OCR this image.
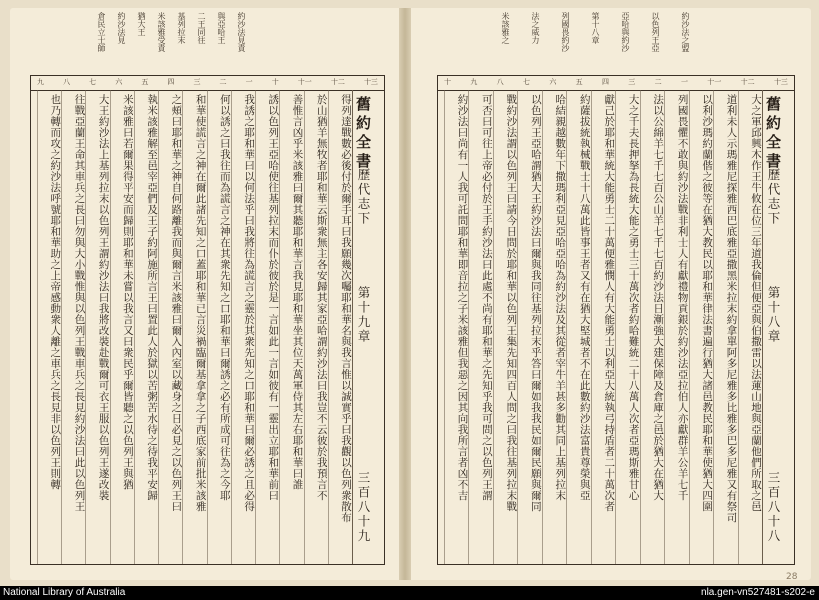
約沙法見責
與亞哈王
二王同往
基列拉末
米該雅受責
猶大王
約沙法見
倉民立士師
九	八	七	六	五	四	三	二	一	十	十一	十二	十三
舊約全書
歷代志下
第十九章
三百八十九
得列達戰數必後付於爾手耳曰我願幾次囑耶和華名與我言惟以誠實乎曰我觀以色列衆散布
於山猶羊無牧者耶和華云斯衆無主各安歸其家亞哈謂約沙法曰我豈不云彼於我預言不
善惟言凶乎米該雅曰爾其聽耶和華言我見耶和華坐其位天萬軍侍其左右耶和華曰誰
誘以色列王亞哈使往基列拉末而仆於彼於是一言如此一言如彼有一靈出立耶和華前曰
我誘之耶和華曰以何法乎曰我將往為謊言之靈於其衆先知之口耶和華曰爾必誘之且必得
何以誘之曰我往而為謊言之神在其衆先知之口耶和華曰爾誘之必有所成可往為之今耶
和華使謊言之神在爾此諸先知之口蓋耶和華已言災禍臨爾基拿拿之子西底家前批米該雅
之頰曰耶和華之神自何路離我而與爾言米該雅曰爾入內室以藏身之日必見之以色列王曰
執米該雅解至邑宰亞們及王子約阿施所言王曰置此人於獄以苦粥苦水待之待我平安歸
米該雅曰若爾果得平安而歸則耶和華未嘗以我言又曰衆民乎爾皆聽之以色列王與猶
大王約沙法上基列拉末以色列王謂約沙法曰我將改裝赴戰爾可衣王服以色列王遂改裝
往戰亞蘭王命其車兵之長曰勿與大小戰惟與以色列王戰車兵之長見約沙法曰此以色列王
也乃轉而攻之約沙法呼號耶和華助之上帝感動衆人離之車兵之長見非以色列王則轉
約沙法之盟
以色列王亞
亞哈與約沙
第十八章
列國畏約沙
法之威力
米該雅之
十	九	八	七	六	五	四	三	二	一	十一	十二	十三
舊約全書
歷代志下
第十八章
三百八十八
大之軍邱興木作王牛攸在位三年道我倫但便亞與伯撒雷以法蓮山地與亞蘭他們所取之邑
道利未人示瑪雅尼探雅西巴底雅亞撒黑米拉末約拿單阿多尼雅多比雅多巴多尼雅又有祭司
以利沙瑪約蘭偕之彼等在猶大教民以耶和華律法書遍行猶大諸邑教民耶和華使猶大四圍
列國畏懼不敢與約沙法戰非利士人有獻禮物貢銀於約沙法亞拉伯人亦獻群羊公羊七千
法以公綿羊七千七百公山羊七千七百約沙法日漸強大建保障及倉庫之邑於猶大在猶大
大之千夫長押拏為長統大能之勇士三十萬次者約哈難統二十八萬人次者亞瑪斯雅甘心
獻己於耶和華統大能勇士二十萬便雅憫人有大能勇士以利亞大統執弓持盾者二十萬次者
約薩拔統執械戰士十八萬此皆事王者又有在猶大堅城者不在此數約沙法富貴尊榮與亞
哈結親越數年下撒瑪利亞見亞哈亞哈為約沙法及其從者宰牛羊甚多勸其同上基列拉末
以色列王亞哈謂猶大王約沙法曰爾與我同往基列拉末乎答曰爾如我我民如爾民願與爾同
戰約沙法謂以色列王曰請今日問於耶和華以色列王集先知四百人問之曰我往基列拉末戰
可否曰可往上帝必付於王手約沙法曰此處不尚有耶和華之先知乎我可問之以色列王謂
約沙法曰尚有一人我可託問耶和華即音拉之子米該雅但我惡之因其向我所言者凶不吉
28
National Library of Australia	nla.gen-vn527481-s202-e
